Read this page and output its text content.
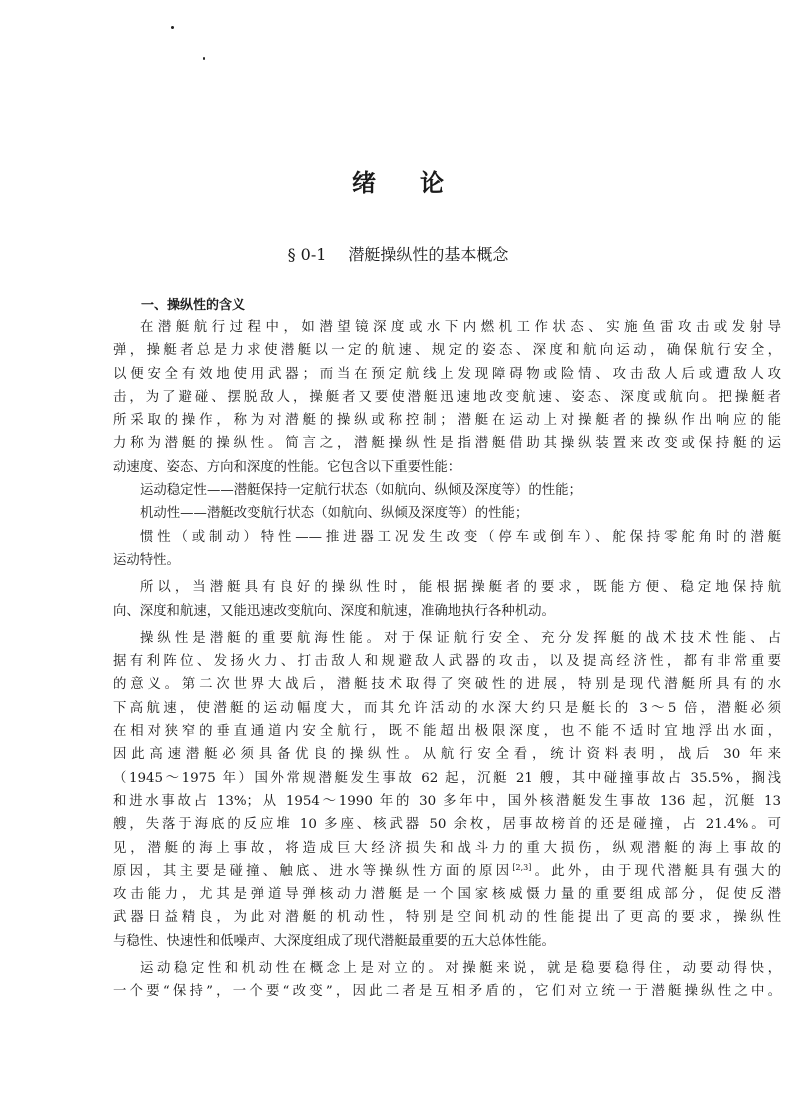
绪 论
§ 0-1 潜艇操纵性的基本概念
一、操纵性的含义
在潜艇航行过程中，如潜望镜深度或水下内燃机工作状态、实施鱼雷攻击或发射导
弹，操艇者总是力求使潜艇以一定的航速、规定的姿态、深度和航向运动，确保航行安全，
以便安全有效地使用武器；而当在预定航线上发现障碍物或险情、攻击敌人后或遭敌人攻
击，为了避碰、摆脱敌人，操艇者又要使潜艇迅速地改变航速、姿态、深度或航向。把操艇者
所采取的操作，称为对潜艇的操纵或称控制；潜艇在运动上对操艇者的操纵作出响应的能
力称为潜艇的操纵性。简言之，潜艇操纵性是指潜艇借助其操纵装置来改变或保持艇的运
动速度、姿态、方向和深度的性能。它包含以下重要性能：
运动稳定性——潜艇保持一定航行状态（如航向、纵倾及深度等）的性能；
机动性——潜艇改变航行状态（如航向、纵倾及深度等）的性能；
惯性（或制动）特性——推进器工况发生改变（停车或倒车）、舵保持零舵角时的潜艇
运动特性。
所以，当潜艇具有良好的操纵性时，能根据操艇者的要求，既能方便、稳定地保持航
向、深度和航速，又能迅速改变航向、深度和航速，准确地执行各种机动。
操纵性是潜艇的重要航海性能。对于保证航行安全、充分发挥艇的战术技术性能、占
据有利阵位、发扬火力、打击敌人和规避敌人武器的攻击，以及提高经济性，都有非常重要
的意义。第二次世界大战后，潜艇技术取得了突破性的进展，特别是现代潜艇所具有的水
下高航速，使潜艇的运动幅度大，而其允许活动的水深大约只是艇长的 3～5 倍，潜艇必须
在相对狭窄的垂直通道内安全航行，既不能超出极限深度，也不能不适时宜地浮出水面，
因此高速潜艇必须具备优良的操纵性。从航行安全看，统计资料表明，战后 30 年来
（1945～1975 年）国外常规潜艇发生事故 62 起，沉艇 21 艘，其中碰撞事故占 35.5%，搁浅
和进水事故占 13%；从 1954～1990 年的 30 多年中，国外核潜艇发生事故 136 起，沉艇 13
艘，失落于海底的反应堆 10 多座、核武器 50 余枚，居事故榜首的还是碰撞，占 21.4%。可
见，潜艇的海上事故，将造成巨大经济损失和战斗力的重大损伤，纵观潜艇的海上事故的
原因，其主要是碰撞、触底、进水等操纵性方面的原因[2,3]。此外，由于现代潜艇具有强大的
攻击能力，尤其是弹道导弹核动力潜艇是一个国家核威慑力量的重要组成部分，促使反潜
武器日益精良，为此对潜艇的机动性，特别是空间机动的性能提出了更高的要求，操纵性
与稳性、快速性和低噪声、大深度组成了现代潜艇最重要的五大总体性能。
运动稳定性和机动性在概念上是对立的。对操艇来说，就是稳要稳得住，动要动得快，
一个要“保持”，一个要“改变”，因此二者是互相矛盾的，它们对立统一于潜艇操纵性之中。
